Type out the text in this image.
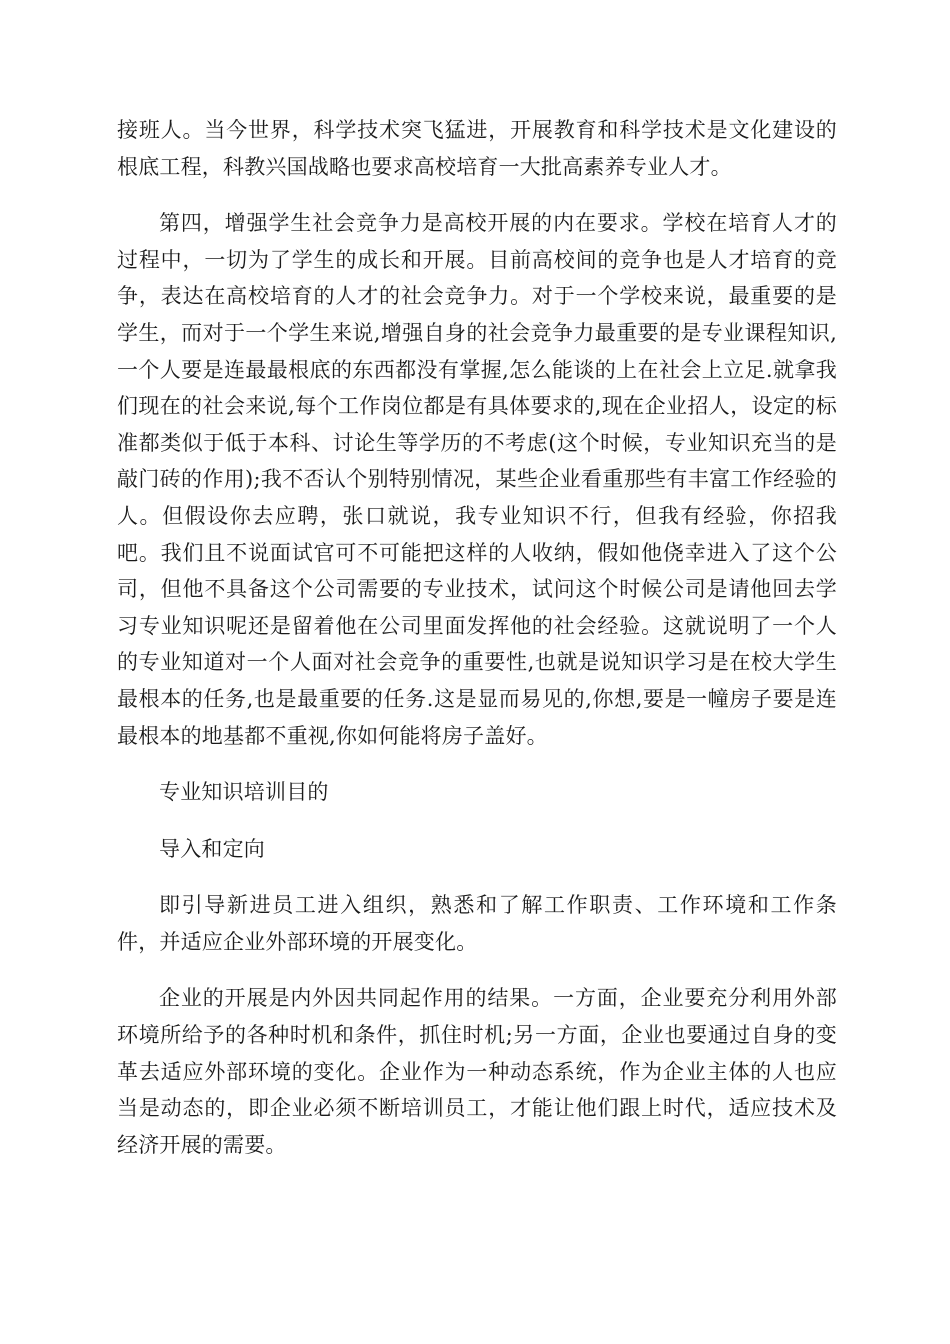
接班人。当今世界，科学技术突飞猛进，开展教育和科学技术是文化建设的根底工程，科教兴国战略也要求高校培育一大批高素养专业人才。

第四，增强学生社会竞争力是高校开展的内在要求。学校在培育人才的过程中，一切为了学生的成长和开展。目前高校间的竞争也是人才培育的竞争，表达在高校培育的人才的社会竞争力。对于一个学校来说，最重要的是学生，而对于一个学生来说,增强自身的社会竞争力最重要的是专业课程知识,一个人要是连最最根底的东西都没有掌握,怎么能谈的上在社会上立足.就拿我们现在的社会来说,每个工作岗位都是有具体要求的,现在企业招人，设定的标准都类似于低于本科、讨论生等学历的不考虑(这个时候，专业知识充当的是敲门砖的作用);我不否认个别特别情况，某些企业看重那些有丰富工作经验的人。但假设你去应聘，张口就说，我专业知识不行，但我有经验，你招我吧。我们且不说面试官可不可能把这样的人收纳，假如他侥幸进入了这个公司，但他不具备这个公司需要的专业技术，试问这个时候公司是请他回去学习专业知识呢还是留着他在公司里面发挥他的社会经验。这就说明了一个人的专业知道对一个人面对社会竞争的重要性,也就是说知识学习是在校大学生最根本的任务,也是最重要的任务.这是显而易见的,你想,要是一幢房子要是连最根本的地基都不重视,你如何能将房子盖好。

专业知识培训目的

导入和定向

即引导新进员工进入组织，熟悉和了解工作职责、工作环境和工作条件，并适应企业外部环境的开展变化。

企业的开展是内外因共同起作用的结果。一方面，企业要充分利用外部环境所给予的各种时机和条件，抓住时机;另一方面，企业也要通过自身的变革去适应外部环境的变化。企业作为一种动态系统，作为企业主体的人也应当是动态的，即企业必须不断培训员工，才能让他们跟上时代，适应技术及经济开展的需要。
